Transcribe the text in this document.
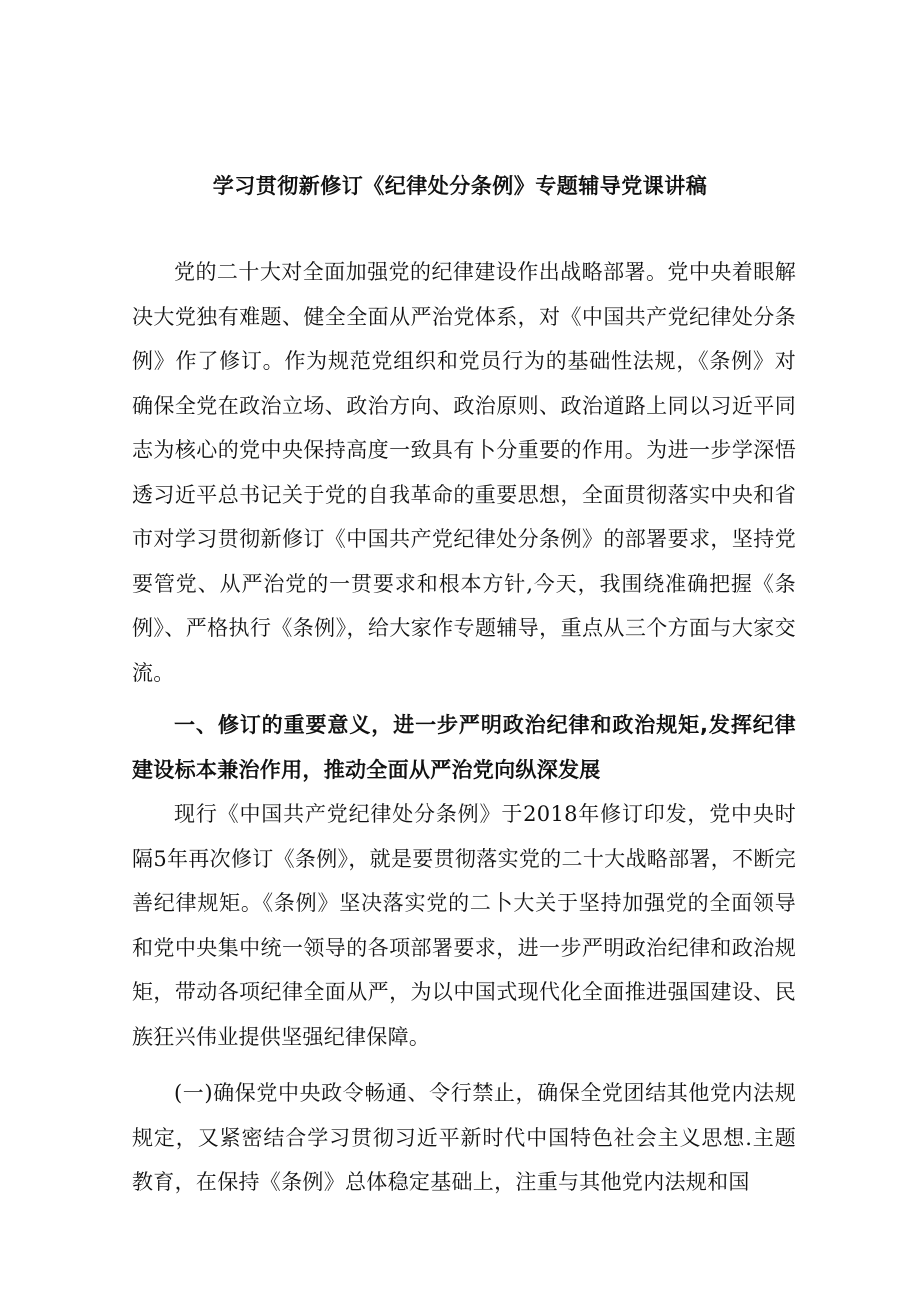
学习贯彻新修订《纪律处分条例》专题辅导党课讲稿

党的二十大对全面加强党的纪律建设作出战略部署。党中央着眼解决大党独有难题、健全全面从严治党体系，对《中国共产党纪律处分条例》作了修订。作为规范党组织和党员行为的基础性法规，《条例》对确保全党在政治立场、政治方向、政治原则、政治道路上同以习近平同志为核心的党中央保持高度一致具有卜分重要的作用。为进一步学深悟透习近平总书记关于党的自我革命的重要思想，全面贯彻落实中央和省市对学习贯彻新修订《中国共产党纪律处分条例》的部署要求，坚持党要管党、从严治党的一贯要求和根本方针,今天，我围绕准确把握《条例》、严格执行《条例》，给大家作专题辅导，重点从三个方面与大家交流。

一、修订的重要意义，进一步严明政治纪律和政治规矩,发挥纪律建设标本兼治作用，推动全面从严治党向纵深发展

现行《中国共产党纪律处分条例》于2018年修订印发，党中央时隔5年再次修订《条例》，就是要贯彻落实党的二十大战略部署，不断完善纪律规矩。《条例》坚决落实党的二卜大关于坚持加强党的全面领导和党中央集中统一领导的各项部署要求，进一步严明政治纪律和政治规矩，带动各项纪律全面从严，为以中国式现代化全面推进强国建设、民族狂兴伟业提供坚强纪律保障。

(一)确保党中央政令畅通、令行禁止，确保全党团结其他党内法规规定，又紧密结合学习贯彻习近平新时代中国特色社会主义思想.主题教育，在保持《条例》总体稳定基础上，注重与其他党内法规和国
